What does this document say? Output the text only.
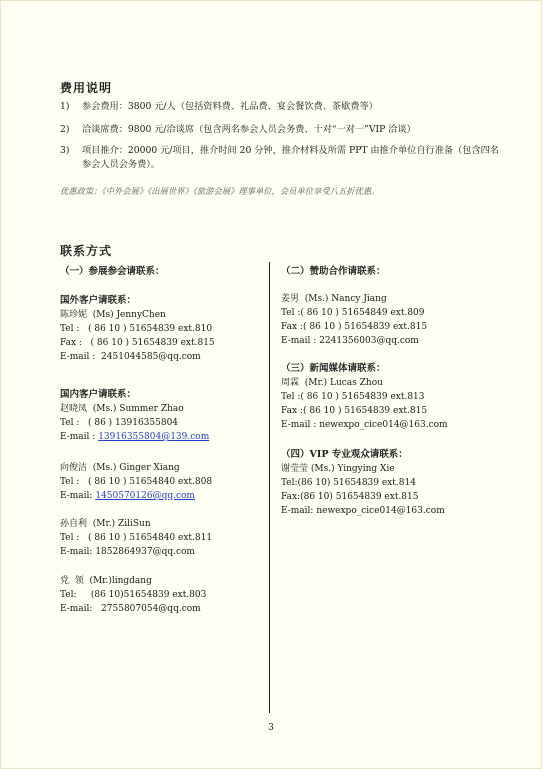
费用说明
1) 参会费用：3800 元/人（包括资料费、礼品费、宴会餐饮费、茶歇费等）
2) 洽谈席费：9800 元/洽谈席（包含两名参会人员会务费、十对“一对一”VIP 洽谈）
3) 项目推介：20000 元/项目，推介时间 20 分钟，推介材料及所需 PPT 由推介单位自行准备（包含四名参会人员会务费）。
优惠政策：《中外会展》《出展世界》《旅游会展》理事单位，会员单位享受八五折优惠。
联系方式
（一）参展参会请联系：	（二）赞助合作请联系：
国外客户请联系：
陈珍妮  (Ms) JennyChen
Tel :   ( 86 10 ) 51654839 ext.810
Fax :   ( 86 10 ) 51654839 ext.815
E-mail :  2451044585@qq.com
国内客户请联系：
赵晓凤  (Ms.) Summer Zhao
Tel :   ( 86 ) 13916355804
E-mail : 13916355804@139.com
向俊洁  (Ms.) Ginger Xiang
Tel :   ( 86 10 ) 51654840 ext.808
E-mail: 1450570126@qq.com
孙自利  (Mr.) ZiliSun
Tel :   ( 86 10 ) 51654840 ext.811
E-mail: 1852864937@qq.com
党  领  (Mr.)lingdang
Tel:     (86 10)51654839 ext.803
E-mail:   2755807054@qq.com
姜男  (Ms.) Nancy Jiang
Tel :( 86 10 ) 51654849 ext.809
Fax :( 86 10 ) 51654839 ext.815
E-mail : 2241356003@qq.com
（三）新闻媒体请联系：
周霖  (Mr.) Lucas Zhou
Tel :( 86 10 ) 51654839 ext.813
Fax :( 86 10 ) 51654839 ext.815
E-mail : newexpo_cice014@163.com
（四）VIP 专业观众请联系：
谢莹莹 (Ms.) Yingying Xie
Tel:(86 10) 51654839 ext.814
Fax:(86 10) 51654839 ext.815
E-mail: newexpo_cice014@163.com
3
